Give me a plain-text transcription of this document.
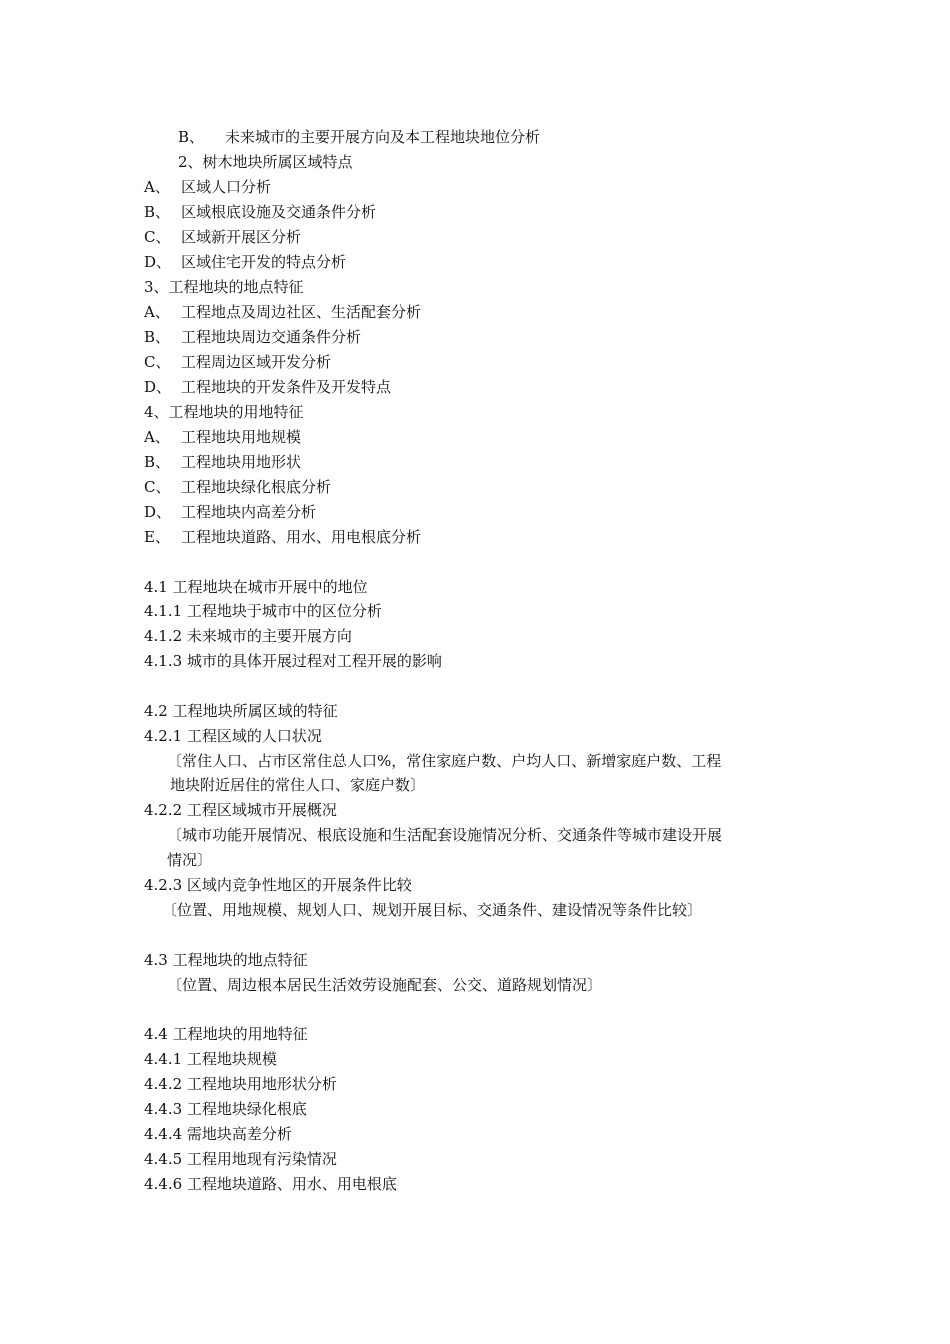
B、 未来城市的主要开展方向及本工程地块地位分析
2、树木地块所属区域特点
A、 区域人口分析
B、 区域根底设施及交通条件分析
C、 区域新开展区分析
D、 区域住宅开发的特点分析
3、工程地块的地点特征
A、 工程地点及周边社区、生活配套分析
B、 工程地块周边交通条件分析
C、 工程周边区域开发分析
D、 工程地块的开发条件及开发特点
4、工程地块的用地特征
A、 工程地块用地规模
B、 工程地块用地形状
C、 工程地块绿化根底分析
D、 工程地块内高差分析
E、 工程地块道路、用水、用电根底分析
4.1 工程地块在城市开展中的地位
4.1.1 工程地块于城市中的区位分析
4.1.2 未来城市的主要开展方向
4.1.3 城市的具体开展过程对工程开展的影响
4.2 工程地块所属区域的特征
4.2.1 工程区域的人口状况
〔常住人口、占市区常住总人口%，常住家庭户数、户均人口、新增家庭户数、工程
地块附近居住的常住人口、家庭户数〕
4.2.2 工程区域城市开展概况
〔城市功能开展情况、根底设施和生活配套设施情况分析、交通条件等城市建设开展
情况〕
4.2.3 区域内竞争性地区的开展条件比较
〔位置、用地规模、规划人口、规划开展目标、交通条件、建设情况等条件比较〕
4.3 工程地块的地点特征
〔位置、周边根本居民生活效劳设施配套、公交、道路规划情况〕
4.4 工程地块的用地特征
4.4.1 工程地块规模
4.4.2 工程地块用地形状分析
4.4.3 工程地块绿化根底
4.4.4 需地块高差分析
4.4.5 工程用地现有污染情况
4.4.6 工程地块道路、用水、用电根底
